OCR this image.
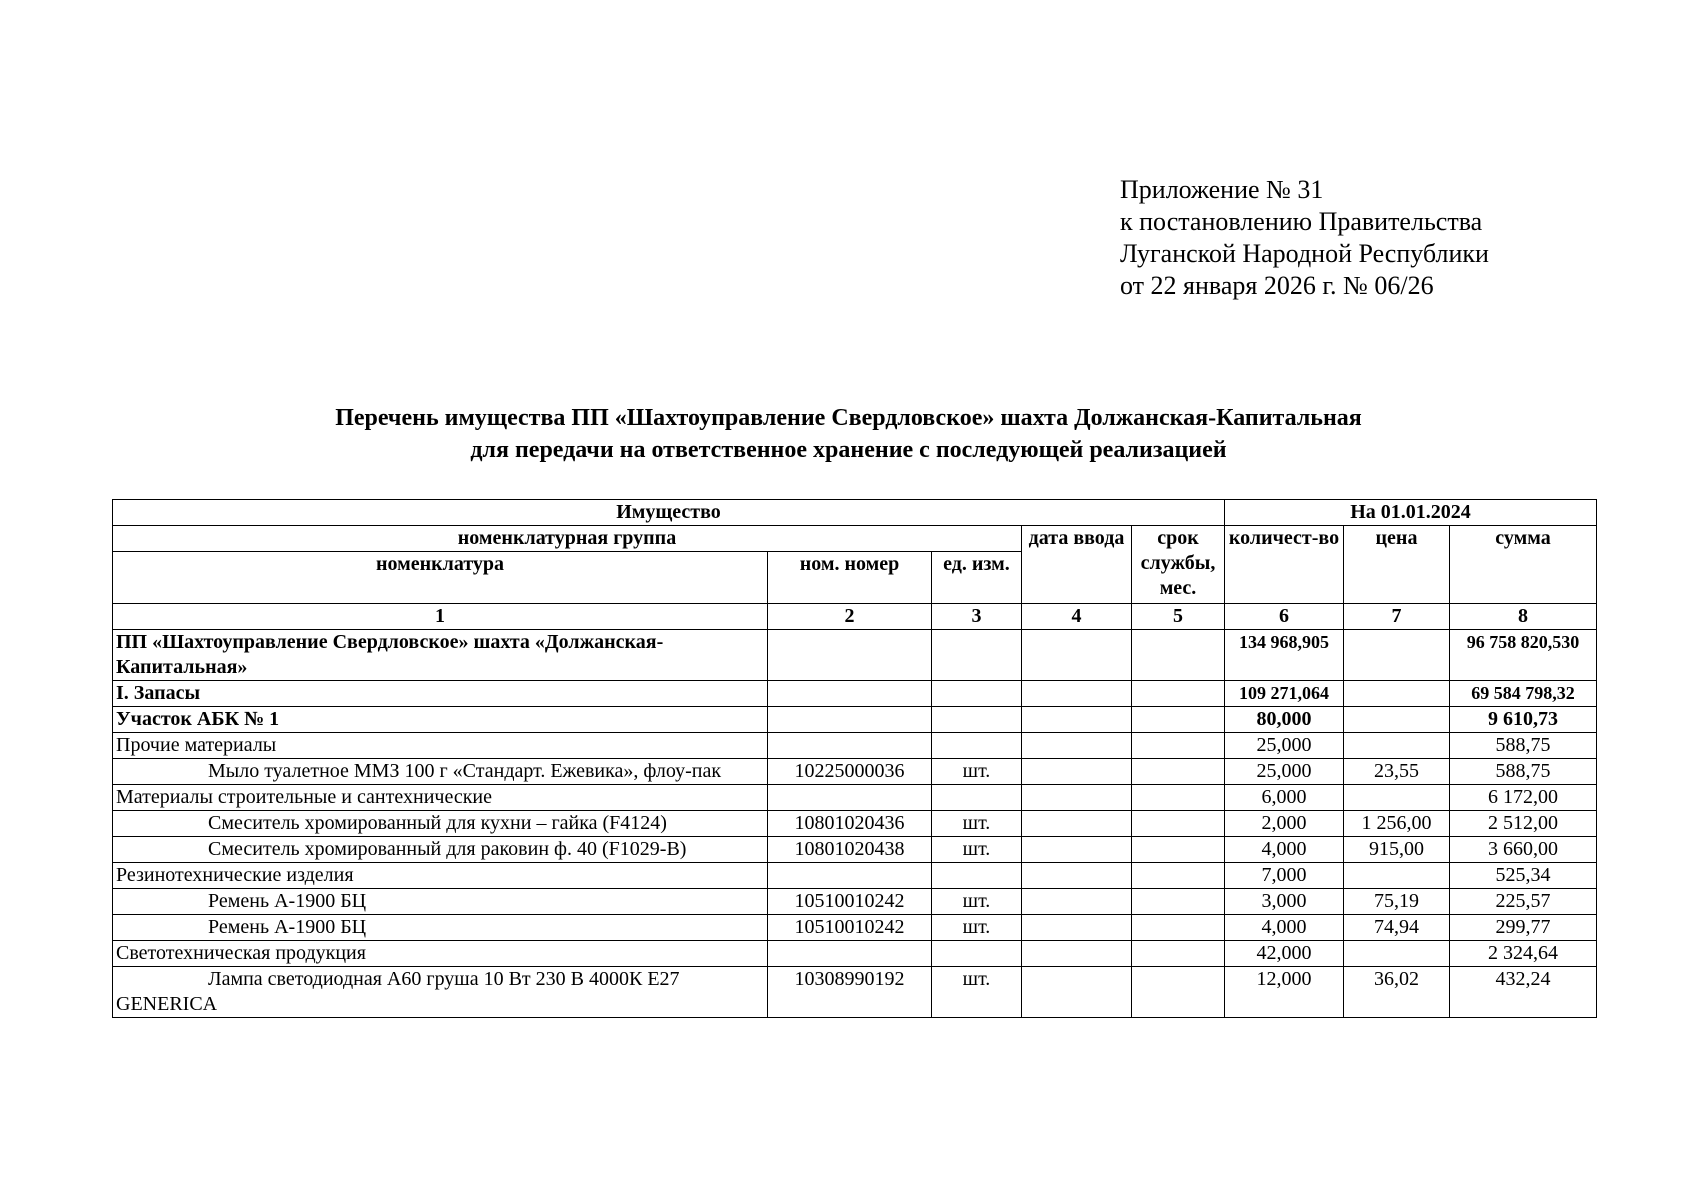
Приложение № 31
к постановлению Правительства
Луганской Народной Республики
от 22 января 2026 г. № 06/26
Перечень имущества ПП «Шахтоуправление Свердловское» шахта Должанская-Капитальная
для передачи на ответственное хранение с последующей реализацией
Имущество					На 01.01.2024		
номенклатурная группа			дата ввода	срок службы, мес.	количест-во	цена	сумма
номенклатура	ном. номер	ед. изм.					
1	2	3	4	5	6	7	8
ПП «Шахтоуправление Свердловское» шахта «Должанская-Капитальная»					134 968,905		96 758 820,530
I. Запасы					109 271,064		69 584 798,32
Участок АБК № 1					80,000		9 610,73
Прочие материалы					25,000		588,75

Мыло туалетное ММЗ 100 г «Стандарт. Ежевика», флоу-пак	10225000036	шт.			25,000	23,55	588,75
Материалы строительные и сантехнические					6,000		6 172,00

Смеситель хромированный для кухни – гайка (F4124)	10801020436	шт.			2,000	1 256,00	2 512,00

Смеситель хромированный для раковин ф. 40 (F1029-B)	10801020438	шт.			4,000	915,00	3 660,00
Резинотехнические изделия					7,000		525,34

Ремень А-1900 БЦ	10510010242	шт.			3,000	75,19	225,57

Ремень А-1900 БЦ	10510010242	шт.			4,000	74,94	299,77
Светотехническая продукция					42,000		2 324,64

Лампа светодиодная А60 груша 10 Вт 230 В 4000К Е27 GENERICA	10308990192	шт.			12,000	36,02	432,24
